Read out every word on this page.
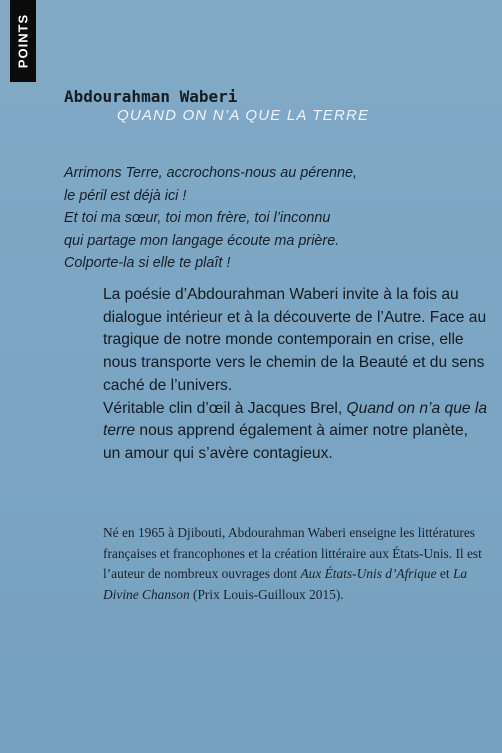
POINTS
Abdourahman Waberi
QUAND ON N’A QUE LA TERRE
Arrimons Terre, accrochons-nous au pérenne,
le péril est déjà ici !
Et toi ma sœur, toi mon frère, toi l’inconnu
qui partage mon langage écoute ma prière.
Colporte-la si elle te plaît !

La poésie d’Abdourahman Waberi invite à la fois au dialogue intérieur et à la découverte de l’Autre. Face au tragique de notre monde contemporain en crise, elle nous transporte vers le chemin de la Beauté et du sens caché de l’univers.

Véritable clin d’œil à Jacques Brel, Quand on n’a que la terre nous apprend également à aimer notre planète, un amour qui s’avère contagieux.

Né en 1965 à Djibouti, Abdourahman Waberi enseigne les littératures françaises et francophones et la création littéraire aux États-Unis. Il est l’auteur de nombreux ouvrages dont Aux États-Unis d’Afrique et La Divine Chanson (Prix Louis-Guilloux 2015).
